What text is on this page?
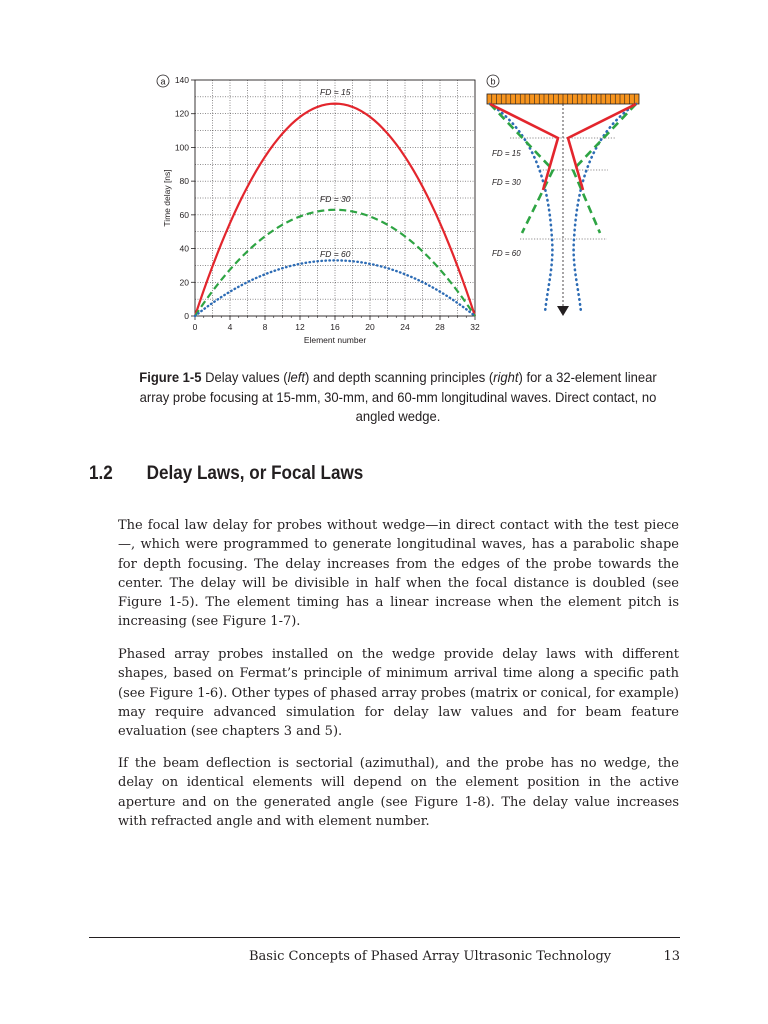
a
0	4	8	12	16	20	24	28	32
0
20
40
60
80
100
120
140
FD = 15
FD = 30
FD = 60
Element number
Time delay [ns]
b
FD = 15
FD = 30
FD = 60
Figure 1-5 Delay values (left) and depth scanning principles (right) for a 32-element linear array probe focusing at 15-mm, 30-mm, and 60-mm longitudinal waves. Direct contact, no angled wedge.
1.2 Delay Laws, or Focal Laws

The focal law delay for probes without wedge—in direct contact with the test piece—, which were programmed to generate longitudinal waves, has a parabolic shape for depth focusing. The delay increases from the edges of the probe towards the center. The delay will be divisible in half when the focal distance is doubled (see Figure 1-5). The element timing has a linear increase when the element pitch is increasing (see Figure 1-7).

Phased array probes installed on the wedge provide delay laws with different shapes, based on Fermat’s principle of minimum arrival time along a specific path (see Figure 1-6). Other types of phased array probes (matrix or conical, for example) may require advanced simulation for delay law values and for beam feature evaluation (see chapters 3 and 5).

If the beam deflection is sectorial (azimuthal), and the probe has no wedge, the delay on identical elements will depend on the element position in the active aperture and on the generated angle (see Figure 1-8). The delay value increases with refracted angle and with element number.

Basic Concepts of Phased Array Ultrasonic Technology	13
